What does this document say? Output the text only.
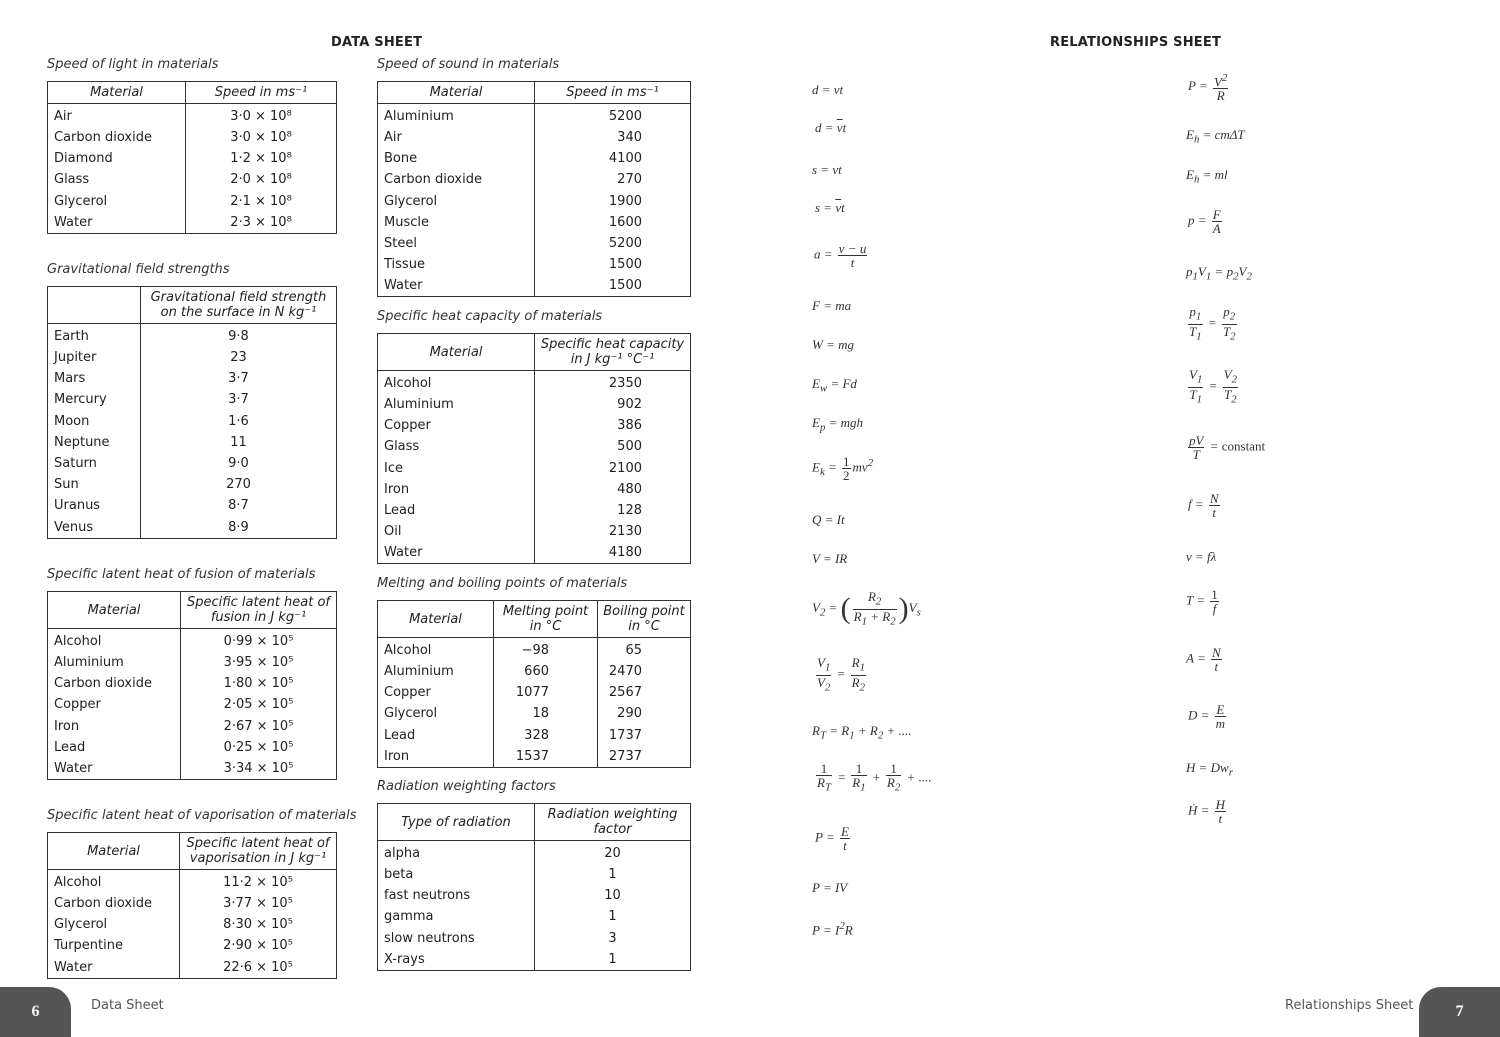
DATA SHEET
Speed of light in materials
Material	Speed in ms⁻¹
Air	3·0 × 10⁸
Carbon dioxide	3·0 × 10⁸
Diamond	1·2 × 10⁸
Glass	2·0 × 10⁸
Glycerol	2·1 × 10⁸
Water	2·3 × 10⁸
Gravitational field strengths
	Gravitational field strength on the surface in N kg⁻¹
Earth	9·8
Jupiter	23
Mars	3·7
Mercury	3·7
Moon	1·6
Neptune	11
Saturn	9·0
Sun	270
Uranus	8·7
Venus	8·9
Specific latent heat of fusion of materials
Material	Specific latent heat of fusion in J kg⁻¹
Alcohol	0·99 × 10⁵
Aluminium	3·95 × 10⁵
Carbon dioxide	1·80 × 10⁵
Copper	2·05 × 10⁵
Iron	2·67 × 10⁵
Lead	0·25 × 10⁵
Water	3·34 × 10⁵
Specific latent heat of vaporisation of materials
Material	Specific latent heat of vaporisation in J kg⁻¹
Alcohol	11·2 × 10⁵
Carbon dioxide	3·77 × 10⁵
Glycerol	8·30 × 10⁵
Turpentine	2·90 × 10⁵
Water	22·6 × 10⁵
Speed of sound in materials
Material	Speed in ms⁻¹
Aluminium	5200
Air	340
Bone	4100
Carbon dioxide	270
Glycerol	1900
Muscle	1600
Steel	5200
Tissue	1500
Water	1500
Specific heat capacity of materials
Material	Specific heat capacity in J kg⁻¹ °C⁻¹
Alcohol	2350
Aluminium	902
Copper	386
Glass	500
Ice	2100
Iron	480
Lead	128
Oil	2130
Water	4180
Melting and boiling points of materials
Material	Melting point in °C	Boiling point in °C
Alcohol	−98	65
Aluminium	660	2470
Copper	1077	2567
Glycerol	18	290
Lead	328	1737
Iron	1537	2737
Radiation weighting factors
Type of radiation	Radiation weighting factor
alpha	20
beta	1
fast neutrons	10
gamma	1
slow neutrons	3
X-rays	1
RELATIONSHIPS SHEET
d = vt
$d = \overline{v}t$
s = vt
$s = \overline{v}t$
$a = \frac{v - u}{t}$
F = ma
W = mg
$E_w = Fd$
$E_p$ = mgh
$E_k = \frac{1}{2} mv^2$
Q = It
V = IR
$V_2$ = ( $\frac{R_2}{R_1 + R_2} )V_s$
$\frac{V_1}{V_2} = \frac{R_1}{R_2}$
$R_T = R_1 + R_2$ + ....
$\frac{1}{R_T} = \frac{1}{R_1} + \frac{1}{R_2}$ + ....
$P = \frac{E}{t}$
P = IV
$P = I^2R$
$P = \frac{V^2}{R}$
$E_h = cm\Delta T$
$E_h$ = ml
$p = \frac{F}{A}$
$p_1V_1 = p_2V_2$
$\frac{p_1}{T_1} = \frac{p_2}{T_2}$
$\frac{V_1}{T_1} = \frac{V_2}{T_2}$
$\frac{pV}{T}$ = constant
$f = \frac{N}{t}$
v = fλ
$T = \frac{1}{f}$
$A = \frac{N}{t}$
$D = \frac{E}{m}$
$H = Dw_r$
Ḣ = $\frac{H}{t}$
6	Data Sheet	Relationships Sheet	7
